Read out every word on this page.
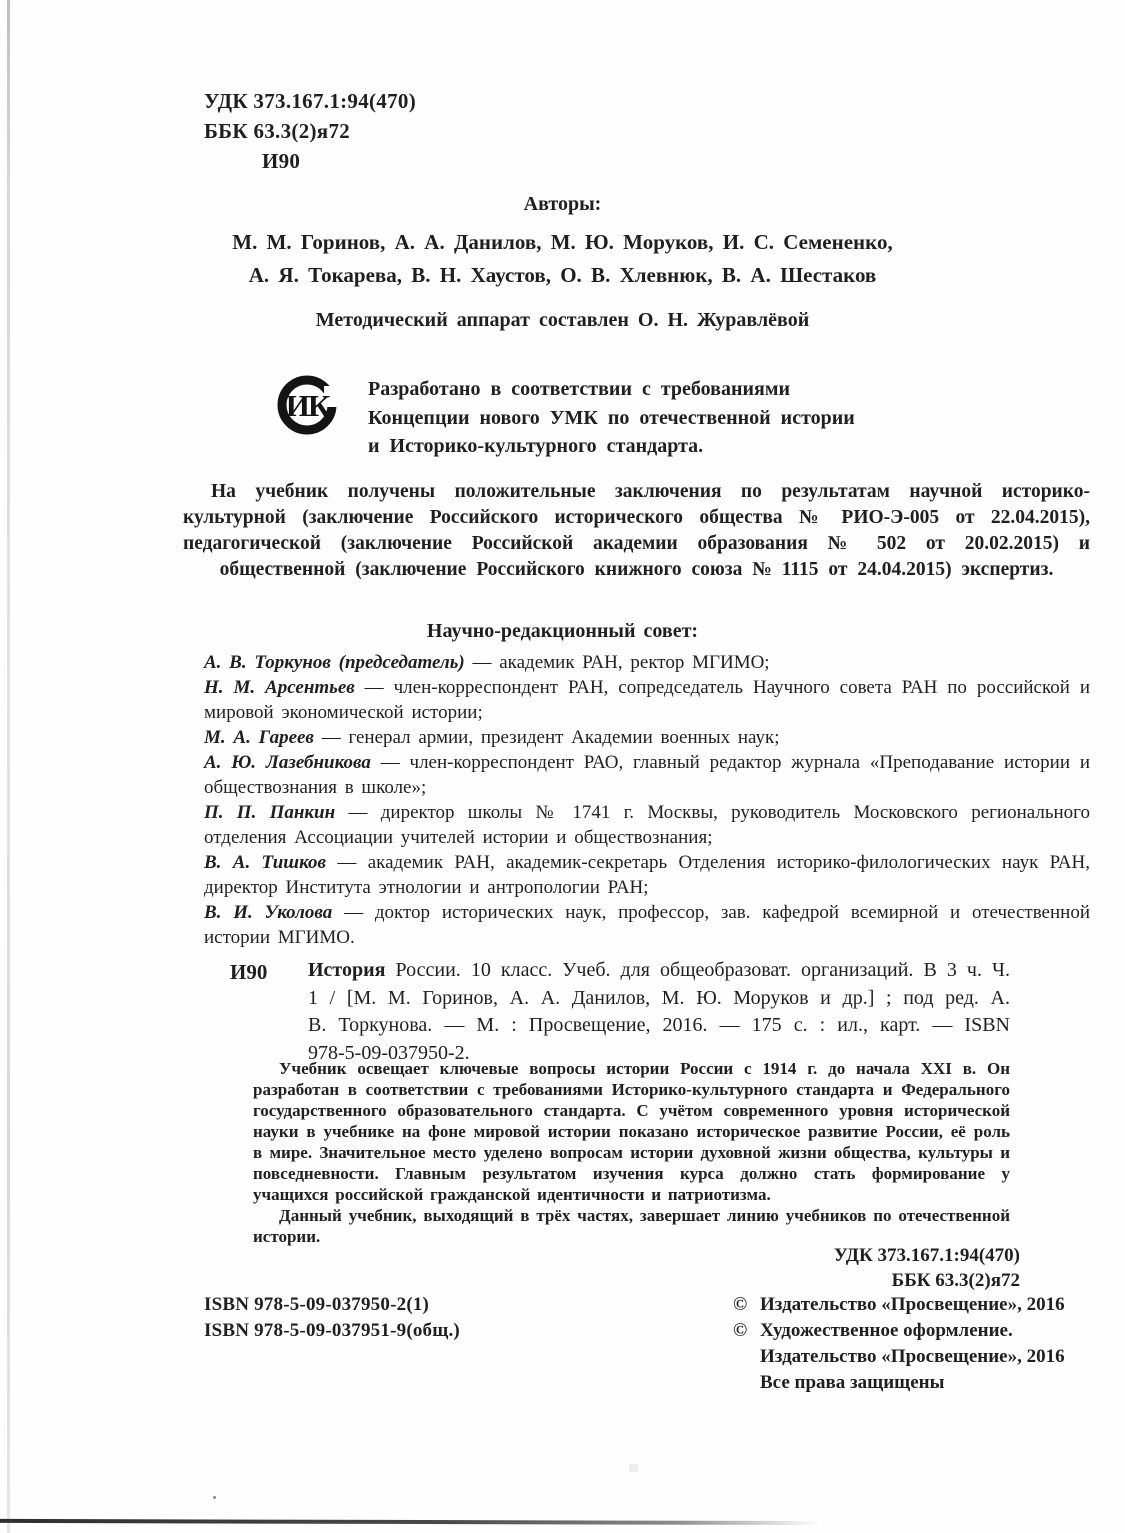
УДК 373.167.1:94(470)

ББК 63.3(2)я72

И90

Авторы:

М. М. Горинов, А. А. Данилов, М. Ю. Моруков, И. С. Семененко,

А. Я. Токарева, В. Н. Хаустов, О. В. Хлевнюк, В. А. Шестаков

Методический аппарат составлен О. Н. Журавлёвой
ИК Разработано в соответствии с требованиями

Концепции нового УМК по отечественной истории

и Историко-культурного стандарта.

На учебник получены положительные заключения по результатам научной историко-культурной (заключение Российского исторического общества № РИО-Э-005 от 22.04.2015), педагогической (заключение Российской академии образования № 502 от 20.02.2015) и общественной (заключение Российского книжного союза № 1115 от 24.04.2015) экспертиз.

Научно-редакционный совет:

А. В. Торкунов (председатель) — академик РАН, ректор МГИМО;

Н. М. Арсентьев — член-корреспондент РАН, сопредседатель Научного совета РАН по российской и мировой экономической истории;

М. А. Гареев — генерал армии, президент Академии военных наук;

А. Ю. Лазебникова — член-корреспондент РАО, главный редактор журнала «Преподавание истории и обществознания в школе»;

П. П. Панкин — директор школы № 1741 г. Москвы, руководитель Московского регионального отделения Ассоциации учителей истории и обществознания;

В. А. Тишков — академик РАН, академик-секретарь Отделения историко-филологических наук РАН, директор Института этнологии и антропологии РАН;

В. И. Уколова — доктор исторических наук, профессор, зав. кафедрой всемирной и отечественной истории МГИМО.

И90 История России. 10 класс. Учеб. для общеобразоват. организаций. В 3 ч. Ч. 1 / [М. М. Горинов, А. А. Данилов, М. Ю. Моруков и др.] ; под ред. А. В. Торкунова. — М. : Просвещение, 2016. — 175 с. : ил., карт. — ISBN 978-5-09-037950-2.

Учебник освещает ключевые вопросы истории России с 1914 г. до начала XXI в. Он разработан в соответствии с требованиями Историко-культурного стандарта и Федерального государственного образовательного стандарта. С учётом современного уровня исторической науки в учебнике на фоне мировой истории показано историческое развитие России, её роль в мире. Значительное место уделено вопросам истории духовной жизни общества, культуры и повседневности. Главным результатом изучения курса должно стать формирование у учащихся российской гражданской идентичности и патриотизма.

Данный учебник, выходящий в трёх частях, завершает линию учебников по отечественной истории.

УДК 373.167.1:94(470)

ББК 63.3(2)я72

ISBN 978-5-09-037950-2(1)

ISBN 978-5-09-037951-9(общ.)

© Издательство «Просвещение», 2016
© Художественное оформление.
Издательство «Просвещение», 2016
Все права защищены
